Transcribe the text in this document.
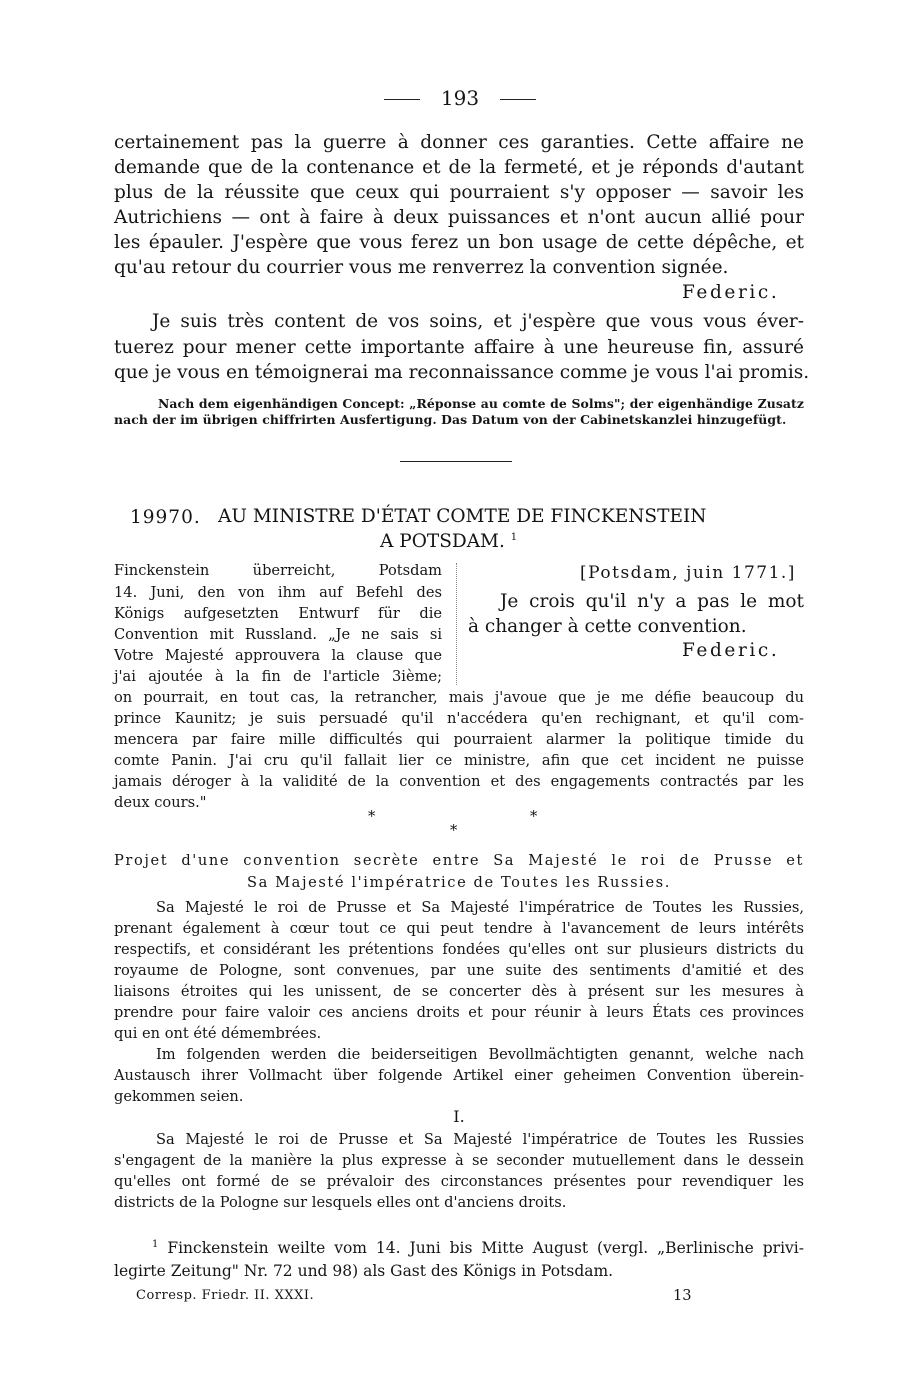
193
certainement pas la guerre à donner ces garanties. Cette affaire ne
demande que de la contenance et de la fermeté, et je réponds d'autant
plus de la réussite que ceux qui pourraient s'y opposer — savoir les
Autrichiens — ont à faire à deux puissances et n'ont aucun allié pour
les épauler. J'espère que vous ferez un bon usage de cette dépêche, et
qu'au retour du courrier vous me renverrez la convention signée.
Federic.
Je suis très content de vos soins, et j'espère que vous vous éver-
tuerez pour mener cette importante affaire à une heureuse fin, assuré
que je vous en témoignerai ma reconnaissance comme je vous l'ai promis.
Nach dem eigenhändigen Concept: „Réponse au comte de Solms"; der eigenhändige Zusatz
nach der im übrigen chiffrirten Ausfertigung. Das Datum von der Cabinetskanzlei hinzugefügt.
19970. AU MINISTRE D'ÉTAT COMTE DE FINCKENSTEIN
A POTSDAM. $^1$
Finckenstein überreicht, Potsdam
14. Juni, den von ihm auf Befehl des
Königs aufgesetzten Entwurf für die
Convention mit Russland. „Je ne sais si
Votre Majesté approuvera la clause que
j'ai ajoutée à la fin de l'article 3ième;
[Potsdam, juin 1771.]
Je crois qu'il n'y a pas le mot
à changer à cette convention.
Federic.
on pourrait, en tout cas, la retrancher, mais j'avoue que je me défie beaucoup du
prince Kaunitz; je suis persuadé qu'il n'accédera qu'en rechignant, et qu'il com-
mencera par faire mille difficultés qui pourraient alarmer la politique timide du
comte Panin. J'ai cru qu'il fallait lier ce ministre, afin que cet incident ne puisse
jamais déroger à la validité de la convention et des engagements contractés par les
deux cours."
*	*
*
Projet d'une convention secrète entre Sa Majesté le roi de Prusse et
Sa Majesté l'impératrice de Toutes les Russies.
Sa Majesté le roi de Prusse et Sa Majesté l'impératrice de Toutes les Russies,
prenant également à cœur tout ce qui peut tendre à l'avancement de leurs intérêts
respectifs, et considérant les prétentions fondées qu'elles ont sur plusieurs districts du
royaume de Pologne, sont convenues, par une suite des sentiments d'amitié et des
liaisons étroites qui les unissent, de se concerter dès à présent sur les mesures à
prendre pour faire valoir ces anciens droits et pour réunir à leurs États ces provinces
qui en ont été démembrées.
Im folgenden werden die beiderseitigen Bevollmächtigten genannt, welche nach
Austausch ihrer Vollmacht über folgende Artikel einer geheimen Convention überein-
gekommen seien.
I.
Sa Majesté le roi de Prusse et Sa Majesté l'impératrice de Toutes les Russies
s'engagent de la manière la plus expresse à se seconder mutuellement dans le dessein
qu'elles ont formé de se prévaloir des circonstances présentes pour revendiquer les
districts de la Pologne sur lesquels elles ont d'anciens droits.
$^1$ Finckenstein weilte vom 14. Juni bis Mitte August (vergl. „Berlinische privi-
legirte Zeitung" Nr. 72 und 98) als Gast des Königs in Potsdam.
Corresp. Friedr. II. XXXI.	13
